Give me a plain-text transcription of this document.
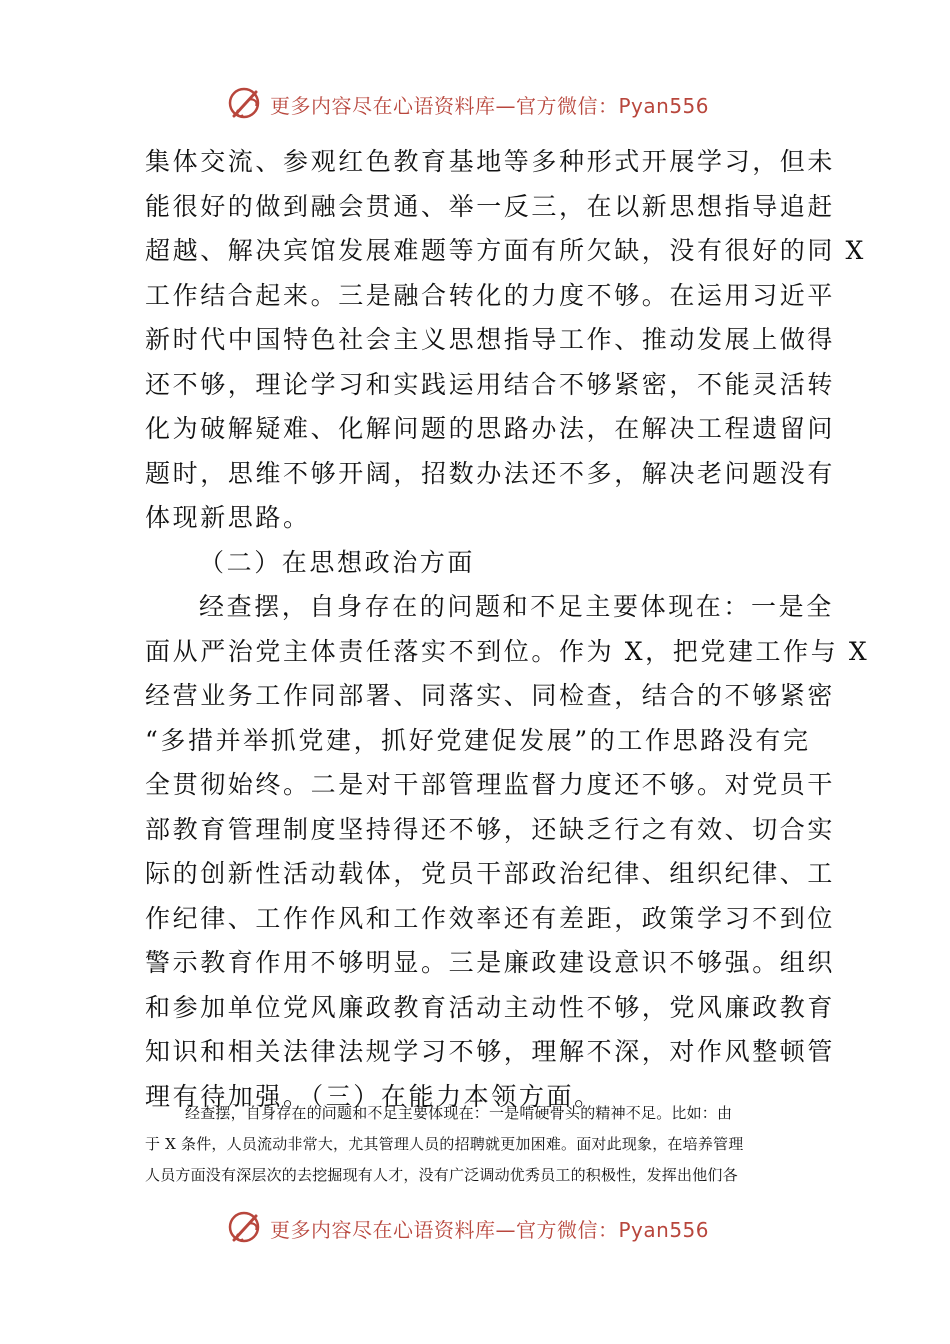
更多内容尽在心语资料库—官方微信：Pyan556

集体交流、参观红色教育基地等多种形式开展学习，但未

能很好的做到融会贯通、举一反三，在以新思想指导追赶

超越、解决宾馆发展难题等方面有所欠缺，没有很好的同 X

工作结合起来。三是融合转化的力度不够。在运用习近平

新时代中国特色社会主义思想指导工作、推动发展上做得

还不够，理论学习和实践运用结合不够紧密，不能灵活转

化为破解疑难、化解问题的思路办法，在解决工程遗留问

题时，思维不够开阔，招数办法还不多，解决老问题没有

体现新思路。

（二）在思想政治方面

经查摆，自身存在的问题和不足主要体现在：一是全

面从严治党主体责任落实不到位。作为 X，把党建工作与 X

经营业务工作同部署、同落实、同检查，结合的不够紧密

“多措并举抓党建，抓好党建促发展”的工作思路没有完

全贯彻始终。二是对干部管理监督力度还不够。对党员干

部教育管理制度坚持得还不够，还缺乏行之有效、切合实

际的创新性活动载体，党员干部政治纪律、组织纪律、工

作纪律、工作作风和工作效率还有差距，政策学习不到位

警示教育作用不够明显。三是廉政建设意识不够强。组织

和参加单位党风廉政教育活动主动性不够，党风廉政教育

知识和相关法律法规学习不够，理解不深，对作风整顿管

理有待加强。（三）在能力本领方面。

经查摆，自身存在的问题和不足主要体现在：一是啃硬骨头的精神不足。比如：由

于 X 条件，人员流动非常大，尤其管理人员的招聘就更加困难。面对此现象，在培养管理

人员方面没有深层次的去挖掘现有人才，没有广泛调动优秀员工的积极性，发挥出他们各

更多内容尽在心语资料库—官方微信：Pyan556
